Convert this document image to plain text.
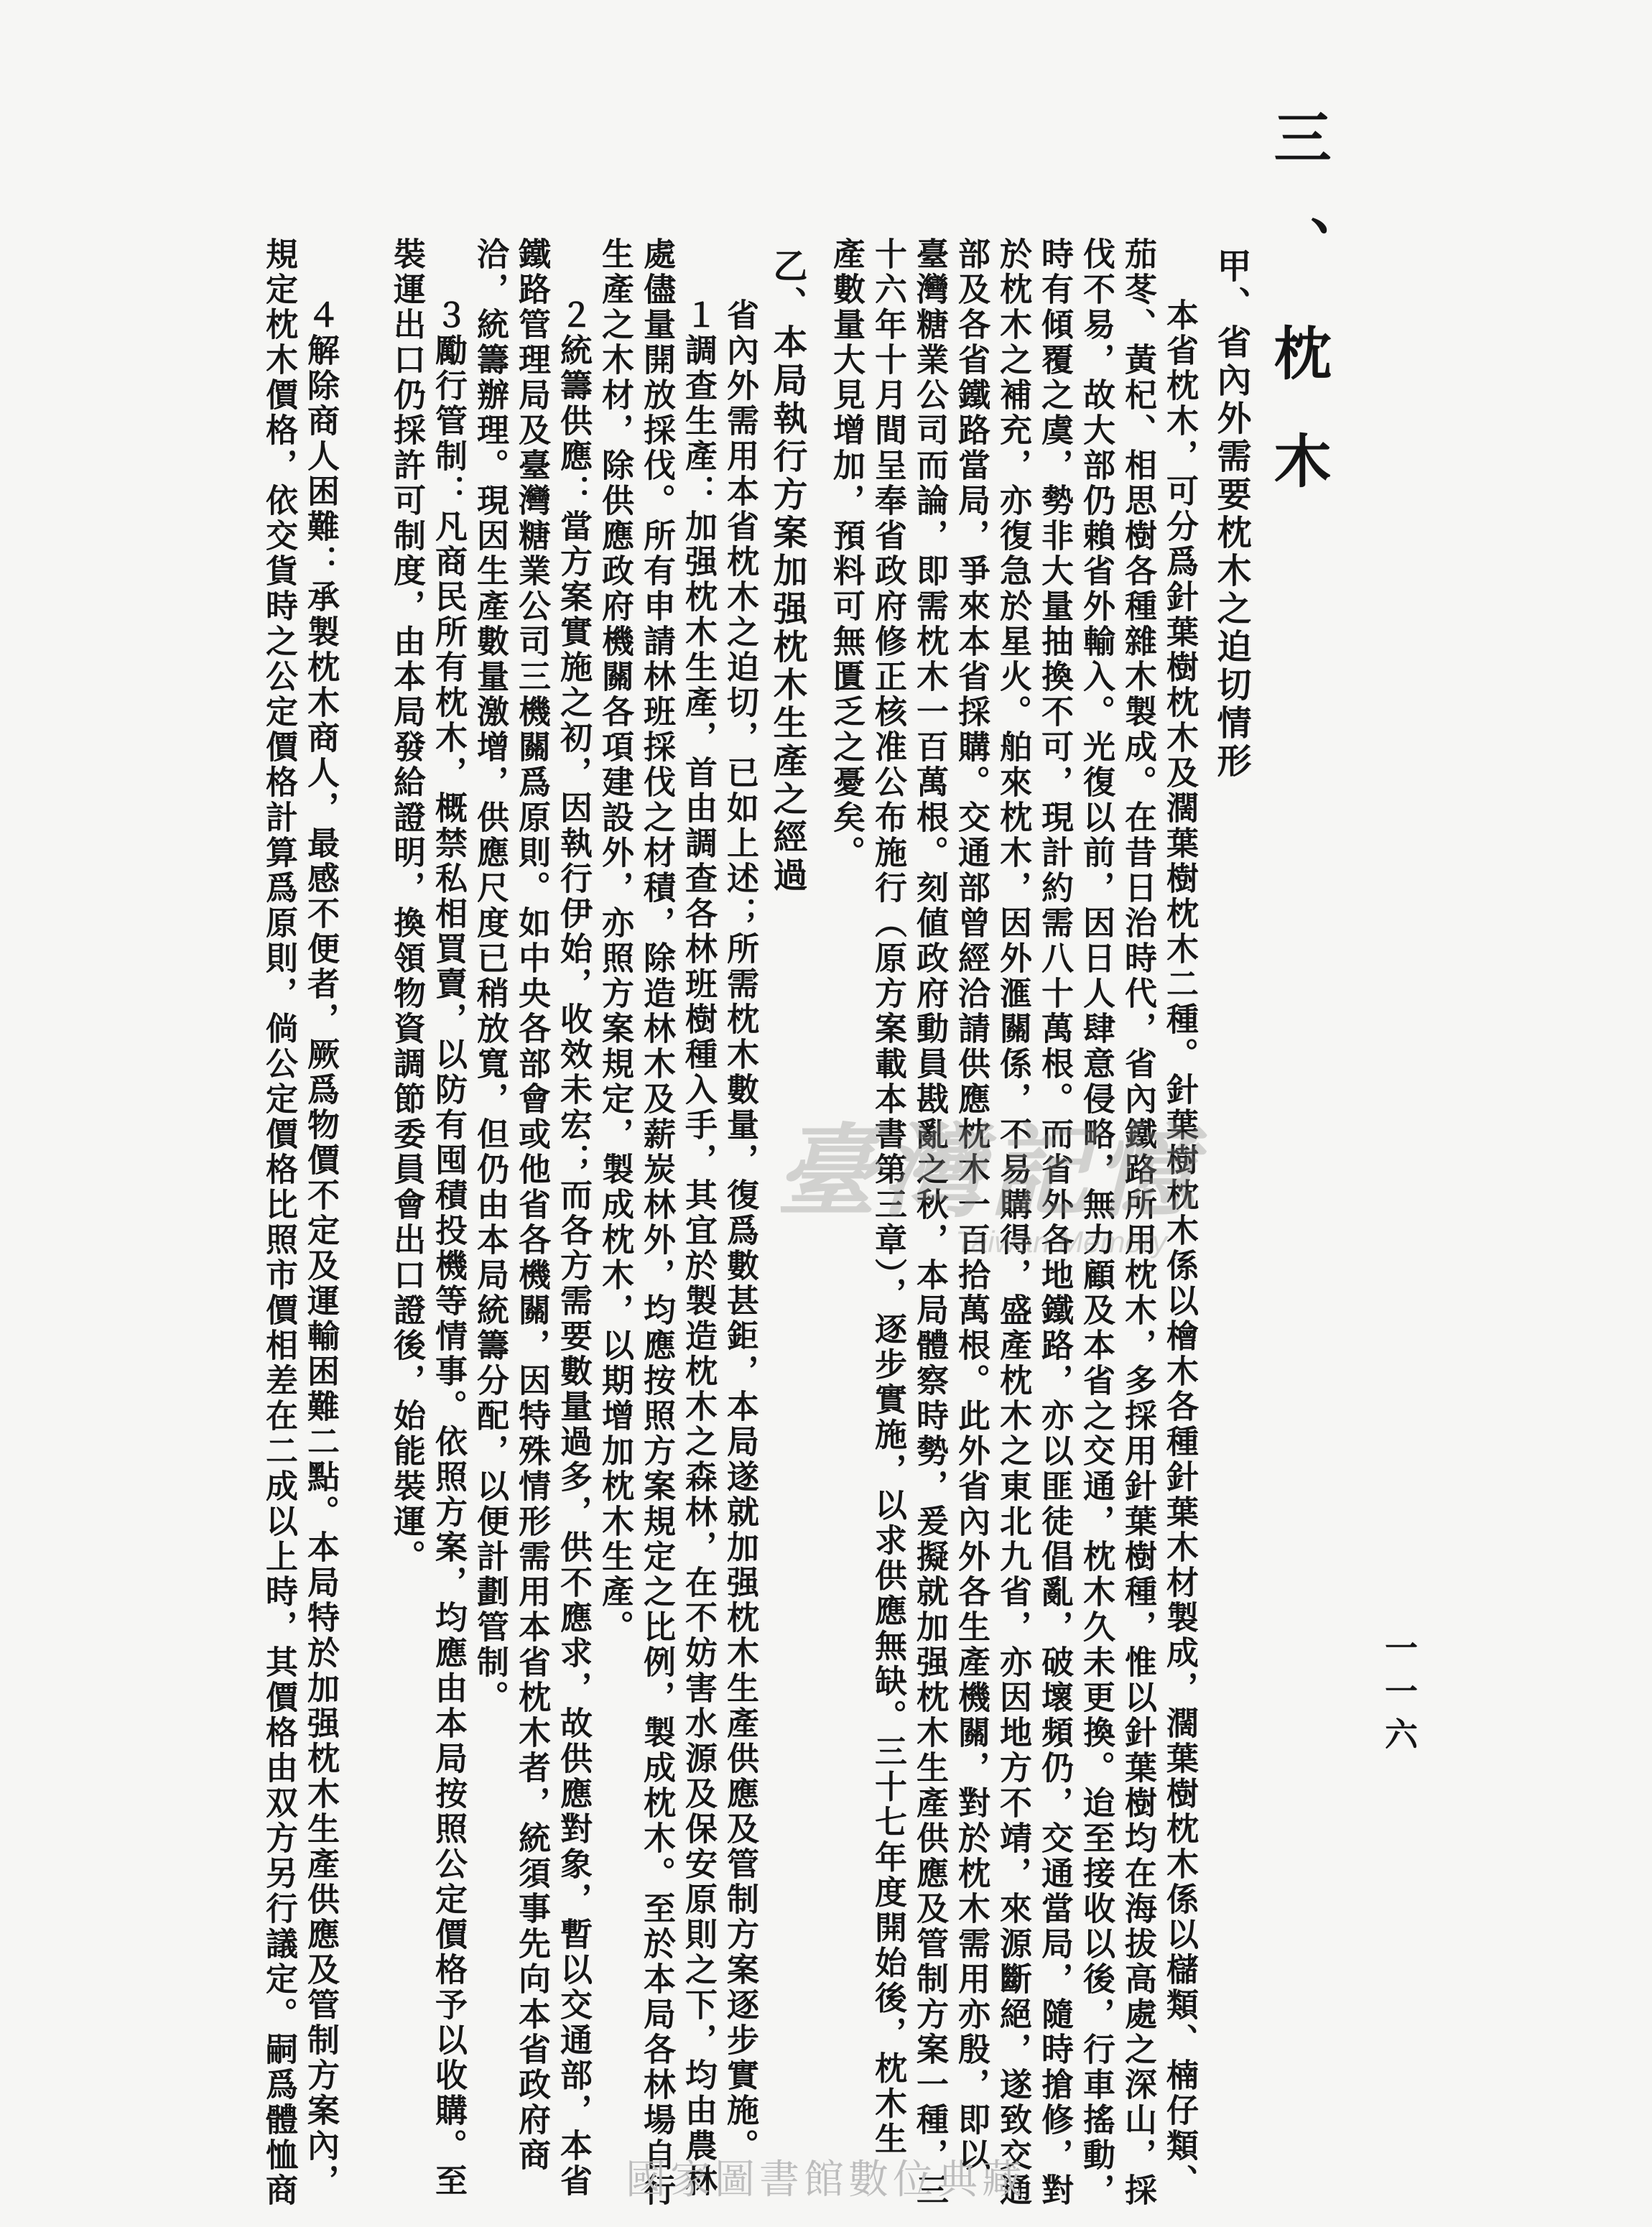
三、枕木
一一六
甲、省內外需要枕木之迫切情形
本省枕木，可分爲針葉樹枕木及濶葉樹枕木二種。針葉樹枕木係以檜木各種針葉木材製成，濶葉樹枕木係以櫧類、楠仔類、
茄苳、黃杞、相思樹各種雜木製成。在昔日治時代，省內鐵路所用枕木，多採用針葉樹種，惟以針葉樹均在海拔高處之深山，採
伐不易，故大部仍賴省外輸入。光復以前，因日人肆意侵略，無力顧及本省之交通，枕木久未更換。迨至接收以後，行車搖動，
時有傾覆之虞，勢非大量抽換不可，現計約需八十萬根。而省外各地鐵路，亦以匪徒倡亂，破壞頻仍，交通當局，隨時搶修，對
於枕木之補充，亦復急於星火。舶來枕木，因外滙關係，不易購得，盛產枕木之東北九省，亦因地方不靖，來源斷絕，遂致交通
部及各省鐵路當局，爭來本省採購。交通部曾經洽請供應枕木一百拾萬根。此外省內外各生產機關，對於枕木需用亦殷，即以
臺灣糖業公司而論，即需枕木一百萬根。刻値政府動員戡亂之秋，本局體察時勢，爰擬就加强枕木生產供應及管制方案一種，三
十六年十月間呈奉省政府修正核准公布施行（原方案載本書第三章），逐步實施，以求供應無缺。三十七年度開始後，枕木生
產數量大見增加，預料可無匱乏之憂矣。
乙、本局執行方案加强枕木生產之經過
省內外需用本省枕木之迫切，已如上述；所需枕木數量，復爲數甚鉅，本局遂就加强枕木生產供應及管制方案逐步實施。
１調查生產：加强枕木生產，首由調查各林班樹種入手，其宜於製造枕木之森林，在不妨害水源及保安原則之下，均由農林
處儘量開放採伐。所有申請林班採伐之材積，除造林木及薪炭林外，均應按照方案規定之比例，製成枕木。至於本局各林場自行
生產之木材，除供應政府機關各項建設外，亦照方案規定，製成枕木，以期增加枕木生產。
２統籌供應：當方案實施之初，因執行伊始，收效未宏；而各方需要數量過多，供不應求，故供應對象，暫以交通部，本省
鐵路管理局及臺灣糖業公司三機關爲原則。如中央各部會或他省各機關，因特殊情形需用本省枕木者，統須事先向本省政府商
洽，統籌辦理。現因生產數量激增，供應尺度已稍放寬，但仍由本局統籌分配，以便計劃管制。
３勵行管制：凡商民所有枕木，概禁私相買賣，以防有囤積投機等情事。依照方案，均應由本局按照公定價格予以收購。至
裝運出口仍採許可制度，由本局發給證明，換領物資調節委員會出口證後，始能裝運。
４解除商人困難：承製枕木商人，最感不便者，厥爲物價不定及運輸困難二點。本局特於加强枕木生產供應及管制方案內，
規定枕木價格，依交貨時之公定價格計算爲原則，倘公定價格比照市價相差在二成以上時，其價格由双方另行議定。嗣爲體恤商	臺灣記憶
Taiwan Memory
國家圖書館數位典藏
